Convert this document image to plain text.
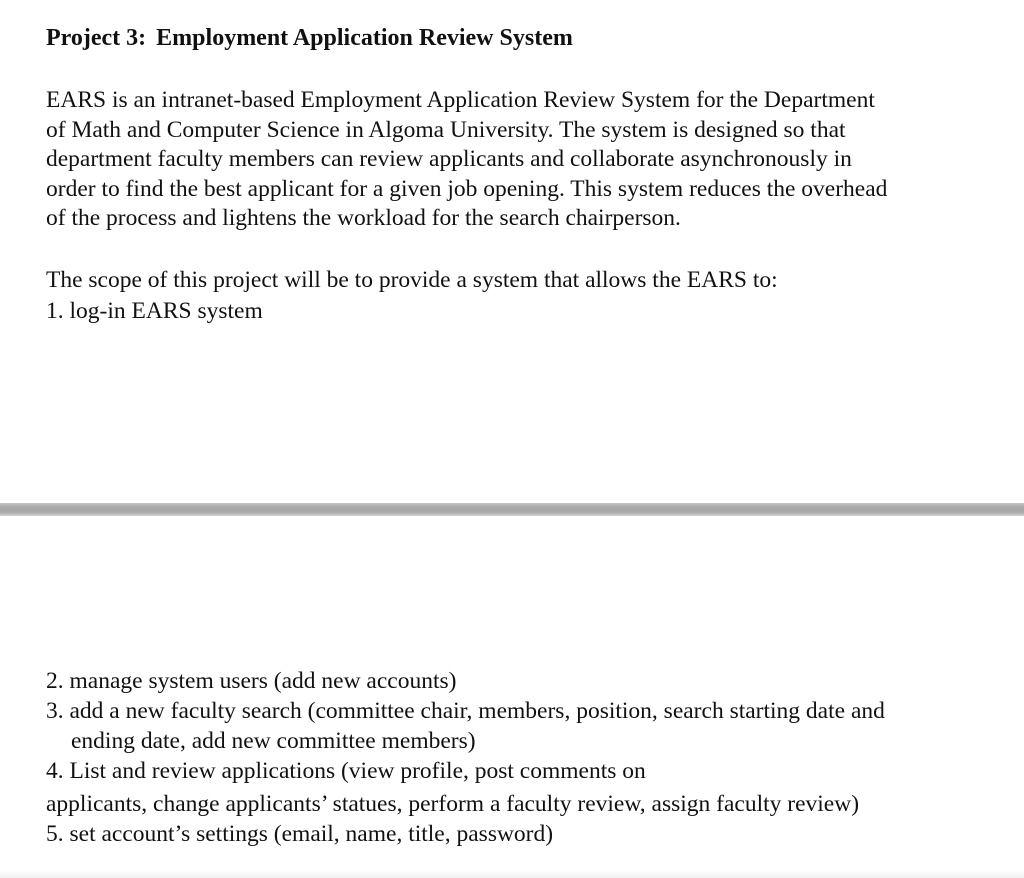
Project 3: Employment Application Review System
EARS is an intranet-based Employment Application Review System for the Department
of Math and Computer Science in Algoma University. The system is designed so that
department faculty members can review applicants and collaborate asynchronously in
order to find the best applicant for a given job opening. This system reduces the overhead
of the process and lightens the workload for the search chairperson.
The scope of this project will be to provide a system that allows the EARS to:
1. log-in EARS system
2. manage system users (add new accounts)
3. add a new faculty search (committee chair, members, position, search starting date and
ending date, add new committee members)
4. List and review applications (view profile, post comments on
applicants, change applicants’ statues, perform a faculty review, assign faculty review)
5. set account’s settings (email, name, title, password)
